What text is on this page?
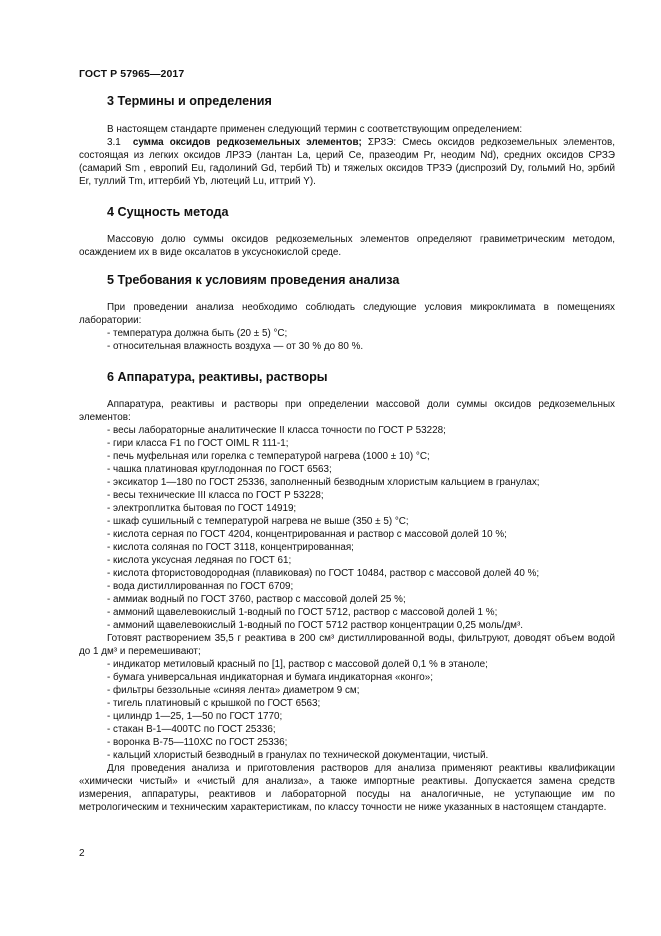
ГОСТ Р 57965—2017
3 Термины и определения

В настоящем стандарте применен следующий термин с соответствующим определением:

3.1 сумма оксидов редкоземельных элементов; ΣРЗЭ: Смесь оксидов редкоземельных элементов, состоящая из легких оксидов ЛРЗЭ (лантан La, церий Ce, празеодим Pr, неодим Nd), средних оксидов СРЗЭ (самарий Sm , европий Eu, гадолиний Gd, тербий Tb) и тяжелых оксидов ТРЗЭ (диспрозий Dy, гольмий Ho, эрбий Er, туллий Tm, иттербий Yb, лютеций Lu, иттрий Y).

4 Сущность метода

Массовую долю суммы оксидов редкоземельных элементов определяют гравиметрическим методом, осаждением их в виде оксалатов в уксуснокислой среде.

5 Требования к условиям проведения анализа

При проведении анализа необходимо соблюдать следующие условия микроклимата в помещениях лаборатории:

- температура должна быть (20 ± 5) °С;
- относительная влажность воздуха — от 30 % до 80 %.
6 Аппаратура, реактивы, растворы

Аппаратура, реактивы и растворы при определении массовой доли суммы оксидов редкоземельных элементов:

- весы лабораторные аналитические II класса точности по ГОСТ Р 53228;
- гири класса F1 по ГОСТ OIML R 111-1;
- печь муфельная или горелка с температурой нагрева (1000 ± 10) °С;
- чашка платиновая круглодонная по ГОСТ 6563;
- эксикатор 1—180 по ГОСТ 25336, заполненный безводным хлористым кальцием в гранулах;
- весы технические III класса по ГОСТ Р 53228;
- электроплитка бытовая по ГОСТ 14919;
- шкаф сушильный с температурой нагрева не выше (350 ± 5) °С;
- кислота серная по ГОСТ 4204, концентрированная и раствор с массовой долей 10 %;
- кислота соляная по ГОСТ 3118, концентрированная;
- кислота уксусная ледяная по ГОСТ 61;
- кислота фтористоводородная (плавиковая) по ГОСТ 10484, раствор с массовой долей 40 %;
- вода дистиллированная по ГОСТ 6709;
- аммиак водный по ГОСТ 3760, раствор с массовой долей 25 %;
- аммоний щавелевокислый 1-водный по ГОСТ 5712, раствор с массовой долей 1 %;
- аммоний щавелевокислый 1-водный по ГОСТ 5712 раствор концентрации 0,25 моль/дм³.

Готовят растворением 35,5 г реактива в 200 см³ дистиллированной воды, фильтруют, доводят объем водой до 1 дм³ и перемешивают;

- индикатор метиловый красный по [1], раствор с массовой долей 0,1 % в этаноле;
- бумага универсальная индикаторная и бумага индикаторная «конго»;
- фильтры беззольные «синяя лента» диаметром 9 см;
- тигель платиновый с крышкой по ГОСТ 6563;
- цилиндр 1—25, 1—50 по ГОСТ 1770;
- стакан В-1—400ТС по ГОСТ 25336;
- воронка В-75—110ХС по ГОСТ 25336;
- кальций хлористый безводный в гранулах по технической документации, чистый.

Для проведения анализа и приготовления растворов для анализа применяют реактивы квалификации «химически чистый» и «чистый для анализа», а также импортные реактивы. Допускается замена средств измерения, аппаратуры, реактивов и лабораторной посуды на аналогичные, не уступающие им по метрологическим и техническим характеристикам, по классу точности не ниже указанных в настоящем стандарте.

2
